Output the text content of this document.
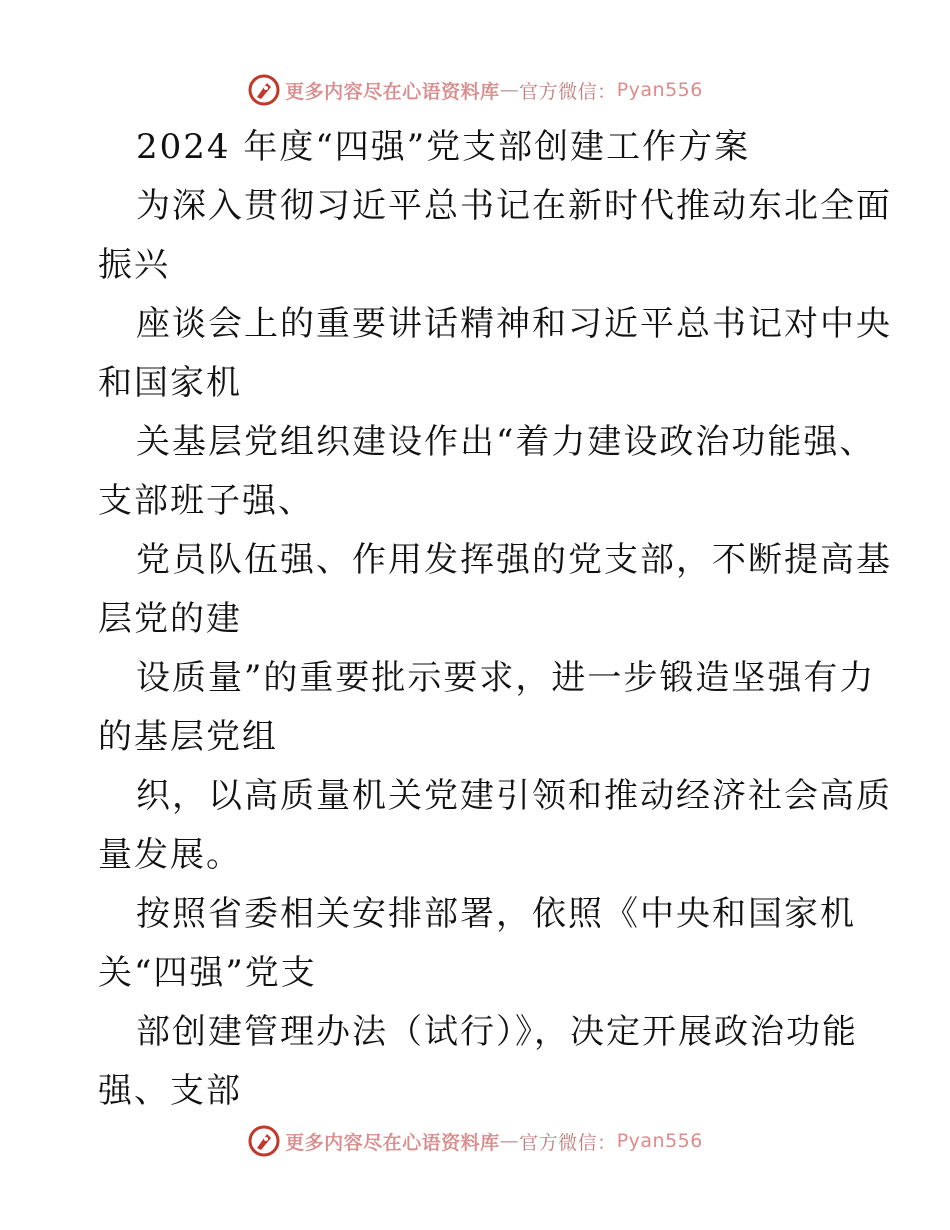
更多内容尽在心语资料库 — 官方微信： Pyan556
2024 年度“四强”党支部创建工作方案
为深入贯彻习近平总书记在新时代推动东北全面
振兴
座谈会上的重要讲话精神和习近平总书记对中央
和国家机
关基层党组织建设作出“着力建设政治功能强、
支部班子强、
党员队伍强、作用发挥强的党支部，不断提高基
层党的建
设质量”的重要批示要求，进一步锻造坚强有力
的基层党组
织，以高质量机关党建引领和推动经济社会高质
量发展。
按照省委相关安排部署，依照《中央和国家机
关“四强”党支
部创建管理办法（试行）》，决定开展政治功能
强、支部
更多内容尽在心语资料库 — 官方微信： Pyan556
